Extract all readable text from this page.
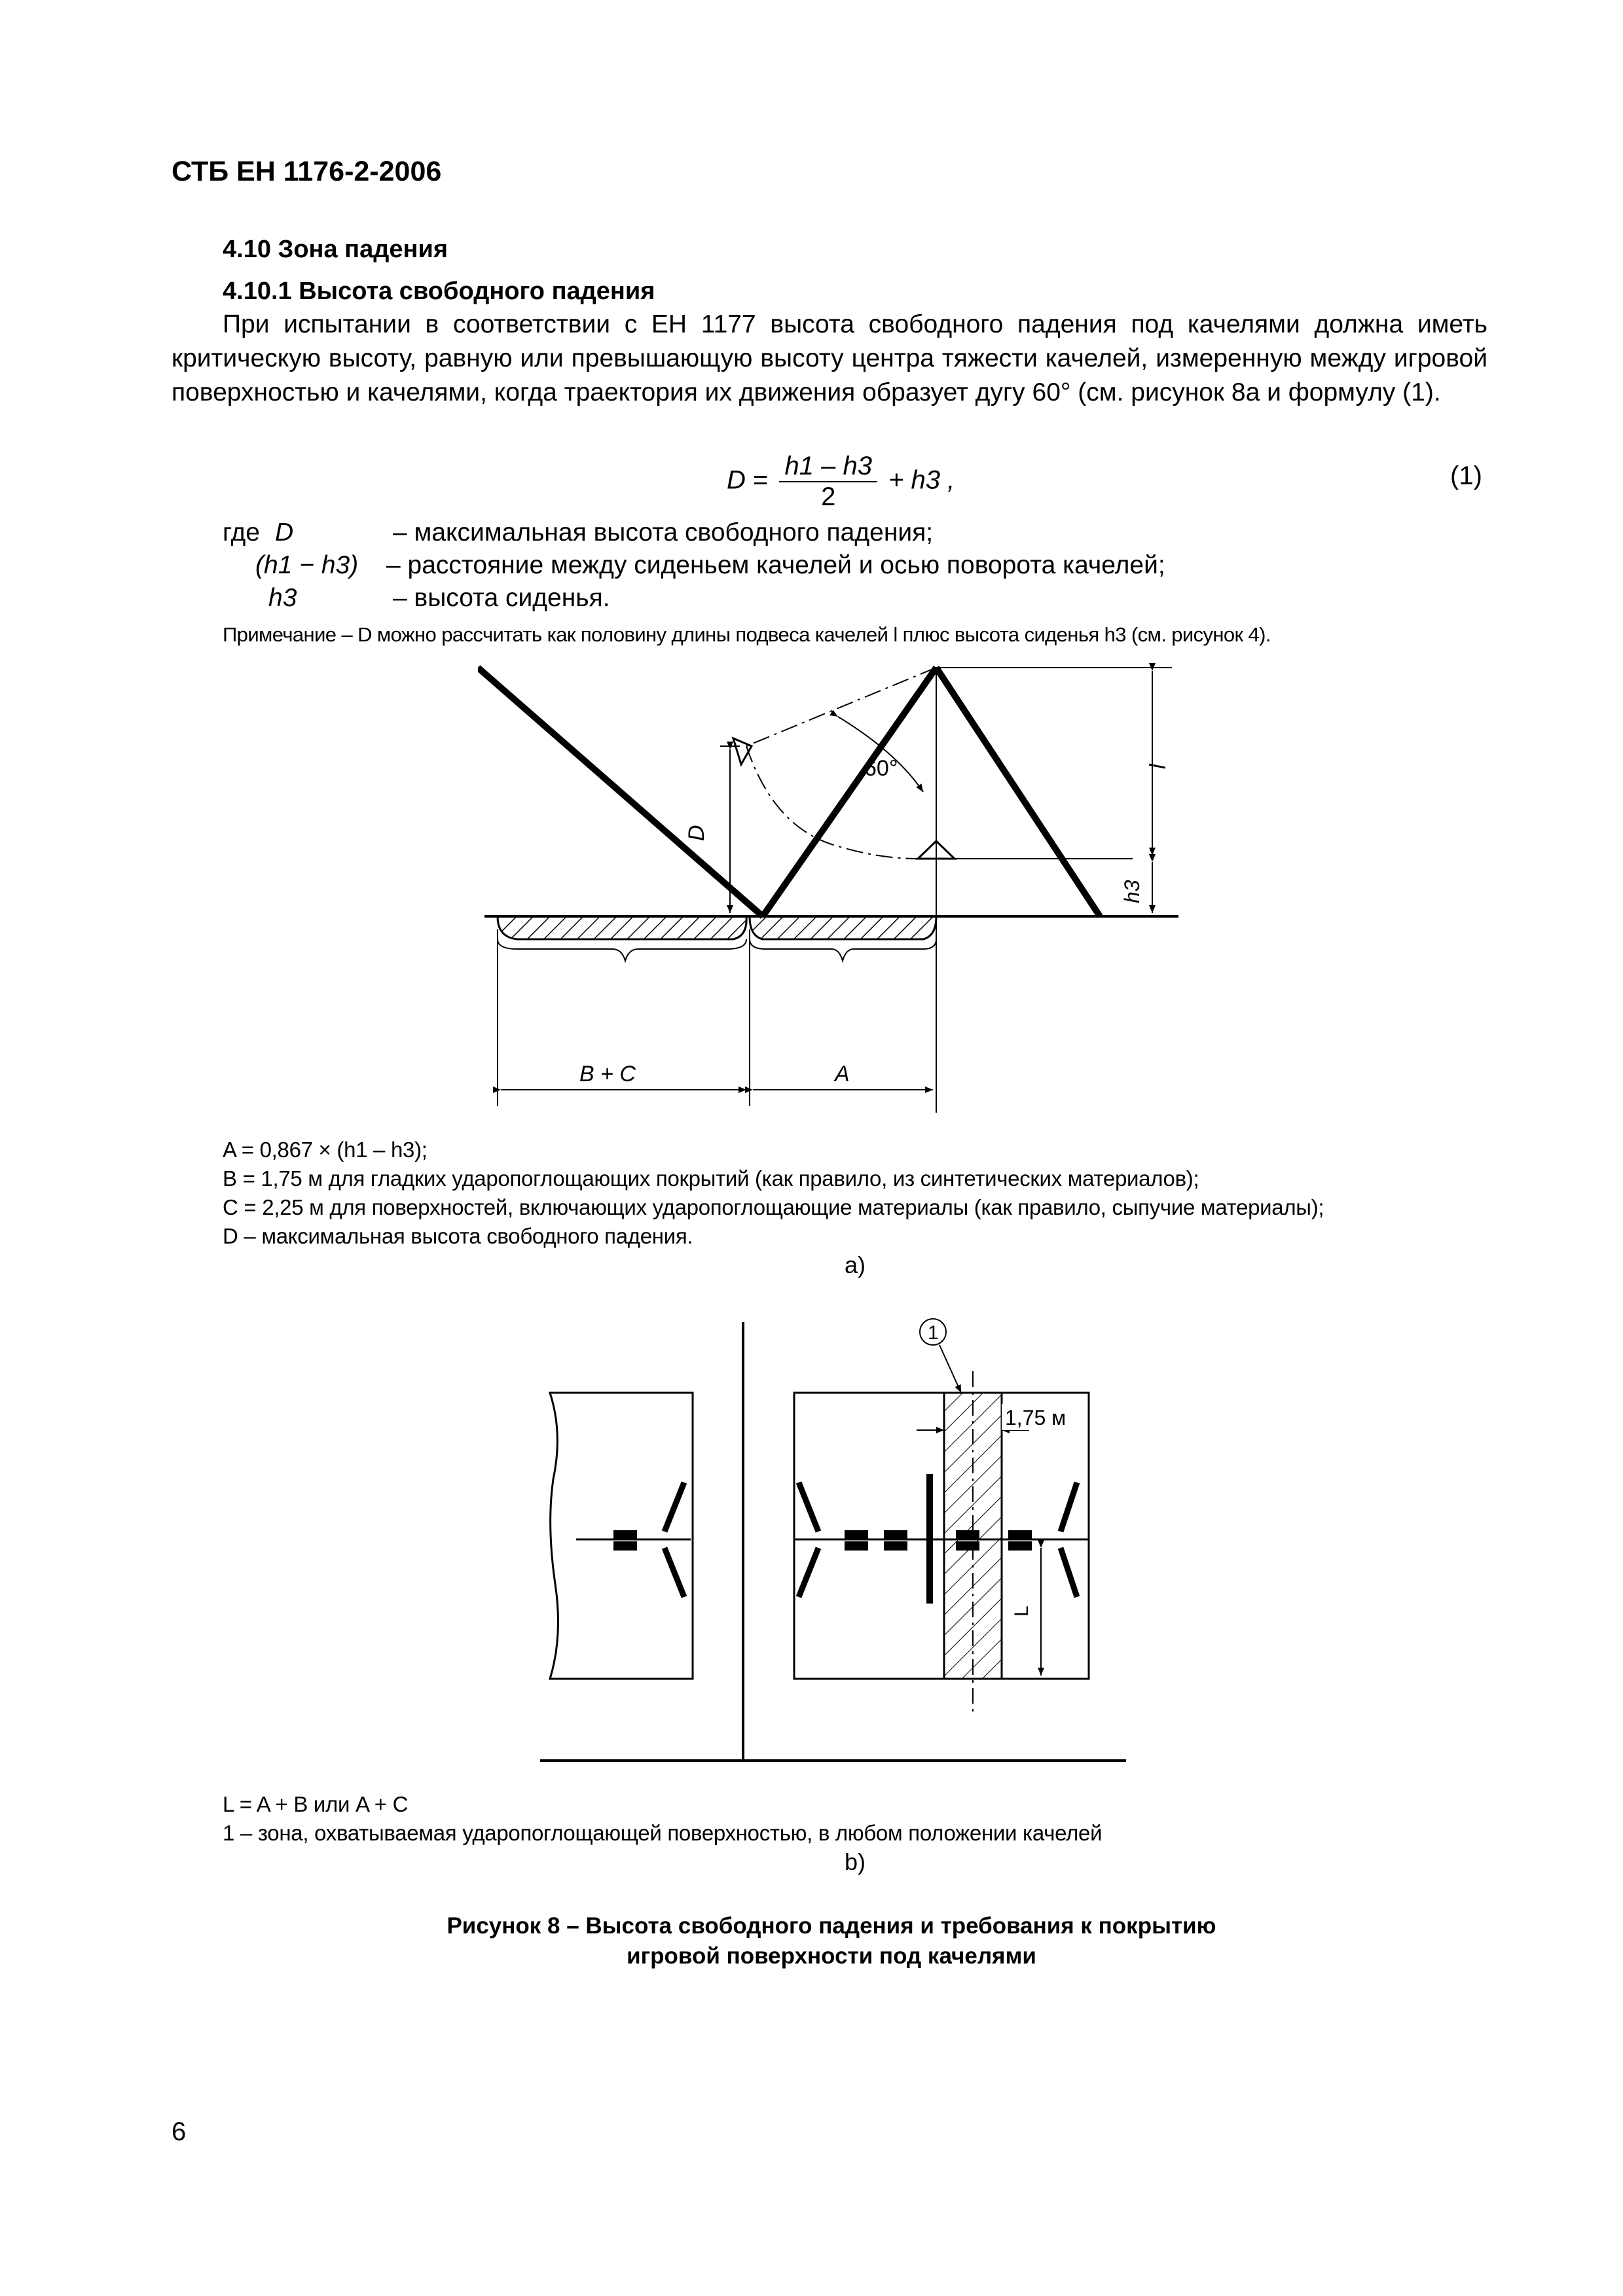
СТБ ЕН 1176-2-2006
4.10 Зона падения
4.10.1 Высота свободного падения
При испытании в соответствии с ЕН 1177 высота свободного падения под качелями должна иметь критическую высоту, равную или превышающую высоту центра тяжести качелей, измеренную между игровой поверхностью и качелями, когда траектория их движения образует дугу 60° (см. рисунок 8а и формулу (1).
$D = \frac{h1 - h3}{2} + h3$ ,	(1)
где D	– максимальная высота свободного падения;
(h1 − h3) – расстояние между сиденьем качелей и осью поворота качелей;
h3	– высота сиденья.
Примечание – D можно рассчитать как половину длины подвеса качелей l плюс высота сиденья h3 (см. рисунок 4).
60°
D
l
h3
B + C	A
A = 0,867 × (h1 – h3);
B = 1,75 м для гладких ударопоглощающих покрытий (как правило, из синтетических материалов);
C = 2,25 м для поверхностей, включающих ударопоглощающие материалы (как правило, сыпучие материалы);
D – максимальная высота свободного падения.
a)
1
1,75 м
L
L = A + B или A + C
1 – зона, охватываемая ударопоглощающей поверхностью, в любом положении качелей
b)
Рисунок 8 – Высота свободного падения и требования к покрытию
игровой поверхности под качелями
6
